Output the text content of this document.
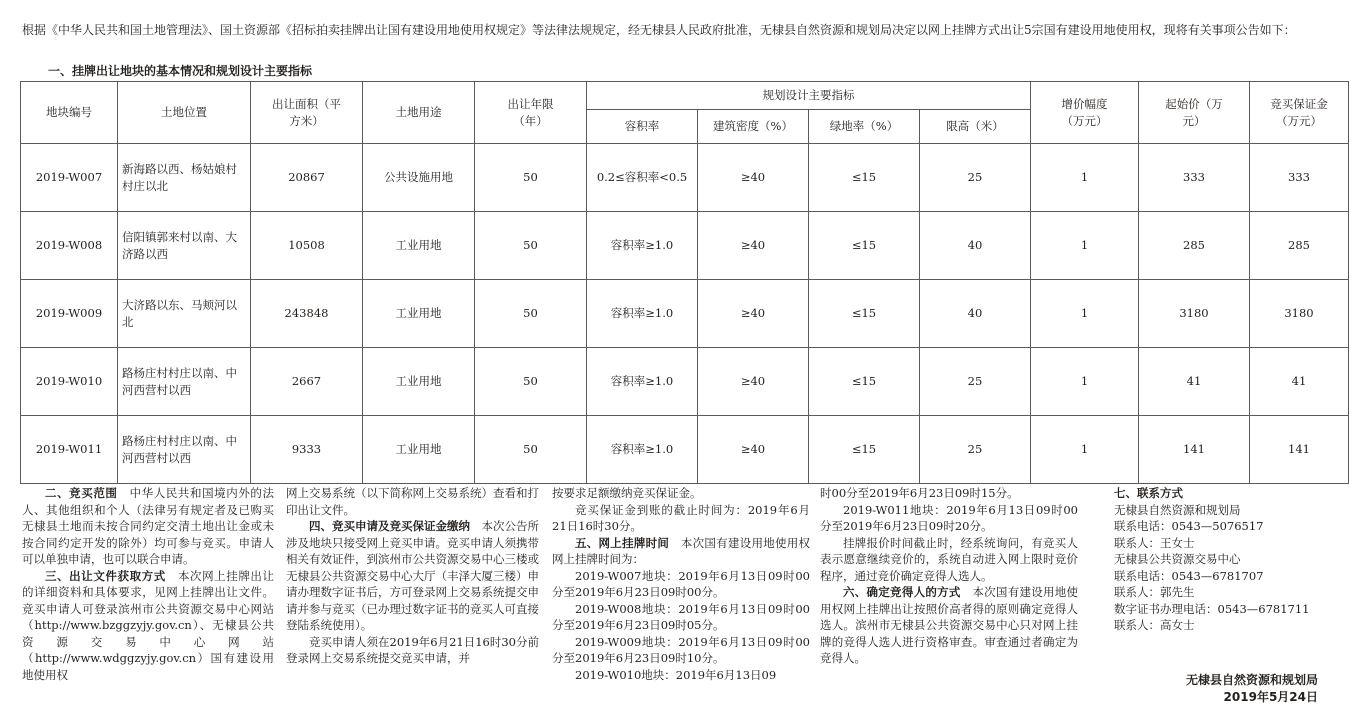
根据《中华人民共和国土地管理法》、国土资源部《招标拍卖挂牌出让国有建设用地使用权规定》等法律法规规定，经无棣县人民政府批准，无棣县自然资源和规划局决定以网上挂牌方式出让5宗国有建设用地使用权，现将有关事项公告如下：
一、挂牌出让地块的基本情况和规划设计主要指标
地块编号	土地位置	出让面积（平方米）	土地用途	出让年限（年）	规划设计主要指标				增价幅度（万元）	起始价（万元）	竞买保证金（万元）
					容积率	建筑密度（%）	绿地率（%）	限高（米）			
2019-W007	新海路以西、杨姑娘村村庄以北	20867	公共设施用地	50	0.2≤容积率<0.5	≥40	≤15	25	1	333	333
2019-W008	信阳镇郭来村以南、大济路以西	10508	工业用地	50	容积率≥1.0	≥40	≤15	40	1	285	285
2019-W009	大济路以东、马颊河以北	243848	工业用地	50	容积率≥1.0	≥40	≤15	40	1	3180	3180
2019-W010	路杨庄村村庄以南、中河西营村以西	2667	工业用地	50	容积率≥1.0	≥40	≤15	25	1	41	41
2019-W011	路杨庄村村庄以南、中河西营村以西	9333	工业用地	50	容积率≥1.0	≥40	≤15	25	1	141	141

二、竞买范围　 中华人民共和国境内外的法人、其他组织和个人（法律另有规定者及已购买无棣县土地而未按合同约定交清土地出让金或未按合同约定开发的除外）均可参与竞买。申请人可以单独申请，也可以联合申请。

三、出让文件获取方式　 本次网上挂牌出让的详细资料和具体要求，见网上挂牌出让文件。竞买申请人可登录滨州市公共资源交易中心网站（http://www.bzggzyjy.gov.cn）、无棣县公共资源交易中心网站（http://www.wdggzyjy.gov.cn）国有建设用地使用权

网上交易系统（以下简称网上交易系统）查看和打印出让文件。

四、竞买申请及竞买保证金缴纳　 本次公告所涉及地块只接受网上竞买申请。竞买申请人须携带相关有效证件，到滨州市公共资源交易中心三楼或无棣县公共资源交易中心大厅（丰泽大厦三楼）申请办理数字证书后，方可登录网上交易系统提交申请并参与竞买（已办理过数字证书的竞买人可直接登陆系统使用）。

竞买申请人须在2019年6月21日16时30分前登录网上交易系统提交竞买申请，并

按要求足额缴纳竞买保证金。

竞买保证金到账的截止时间为：2019年6月21日16时30分。

五、网上挂牌时间　 本次国有建设用地使用权网上挂牌时间为：

2019-W007地块：2019年6月13日09时00分至2019年6月23日09时00分。

2019-W008地块：2019年6月13日09时00分至2019年6月23日09时05分。

2019-W009地块：2019年6月13日09时00分至2019年6月23日09时10分。

2019-W010地块：2019年6月13日09

时00分至2019年6月23日09时15分。

2019-W011地块：2019年6月13日09时00分至2019年6月23日09时20分。

挂牌报价时间截止时，经系统询问，有竞买人表示愿意继续竞价的，系统自动进入网上限时竞价程序，通过竞价确定竞得人选人。

六、确定竞得人的方式　 本次国有建设用地使用权网上挂牌出让按照价高者得的原则确定竞得人选人。滨州市无棣县公共资源交易中心只对网上挂牌的竞得人选人进行资格审查。审查通过者确定为竞得人。

七、联系方式
无棣县自然资源和规划局
联系电话：0543—5076517
联系人：王女士
无棣县公共资源交易中心
联系电话：0543—6781707
联系人：郭先生
数字证书办理电话：0543—6781711
联系人：高女士
无棣县自然资源和规划局
2019年5月24日
